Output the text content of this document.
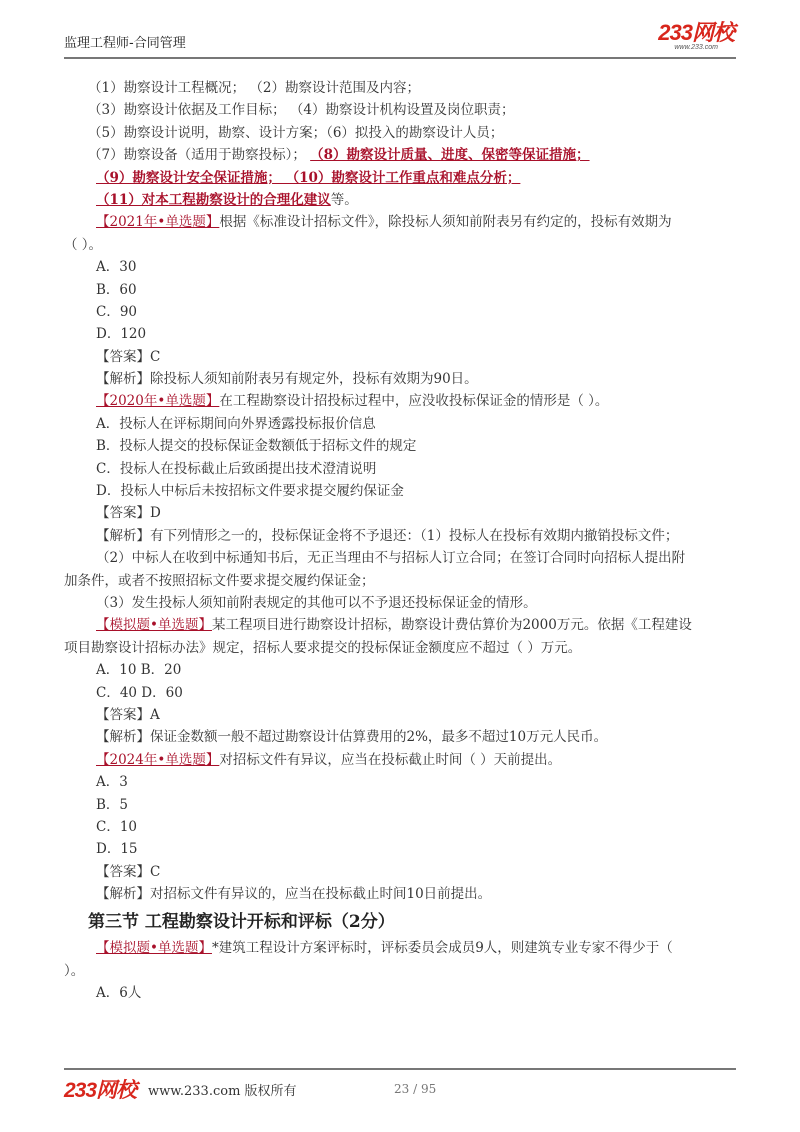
监理工程师-合同管理	233网校
www.233.com
（1）勘察设计工程概况； （2）勘察设计范围及内容；
（3）勘察设计依据及工作目标； （4）勘察设计机构设置及岗位职责；
（5）勘察设计说明，勘察、设计方案；（6）拟投入的勘察设计人员；
（7）勘察设备（适用于勘察投标）； （8）勘察设计质量、进度、保密等保证措施；
（9）勘察设计安全保证措施； （10）勘察设计工作重点和难点分析；
（11）对本工程勘察设计的合理化建议等。
【2021年•单选题】根据《标准设计招标文件》，除投标人须知前附表另有约定的，投标有效期为
（ ）。
A．30
B．60
C．90
D．120
【答案】C
【解析】除投标人须知前附表另有规定外，投标有效期为90日。
【2020年•单选题】在工程勘察设计招投标过程中，应没收投标保证金的情形是（ ）。
A．投标人在评标期间向外界透露投标报价信息
B．投标人提交的投标保证金数额低于招标文件的规定
C．投标人在投标截止后致函提出技术澄清说明
D．投标人中标后未按招标文件要求提交履约保证金
【答案】D
【解析】有下列情形之一的，投标保证金将不予退还：（1）投标人在投标有效期内撤销投标文件；
（2）中标人在收到中标通知书后，无正当理由不与招标人订立合同；在签订合同时向招标人提出附
加条件，或者不按照招标文件要求提交履约保证金；
（3）发生投标人须知前附表规定的其他可以不予退还投标保证金的情形。
【模拟题•单选题】某工程项目进行勘察设计招标，勘察设计费估算价为2000万元。依据《工程建设
项目勘察设计招标办法》规定，招标人要求提交的投标保证金额度应不超过（ ）万元。
A．10 B．20
C．40 D．60
【答案】A
【解析】保证金数额一般不超过勘察设计估算费用的2%，最多不超过10万元人民币。
【2024年•单选题】对招标文件有异议，应当在投标截止时间（ ）天前提出。
A．3
B．5
C．10
D．15
【答案】C
【解析】对招标文件有异议的，应当在投标截止时间10日前提出。
第三节 工程勘察设计开标和评标（2分）
【模拟题•单选题】*建筑工程设计方案评标时，评标委员会成员9人，则建筑专业专家不得少于（
）。
A．6人
233网校 www.233.com 版权所有	23 / 95
